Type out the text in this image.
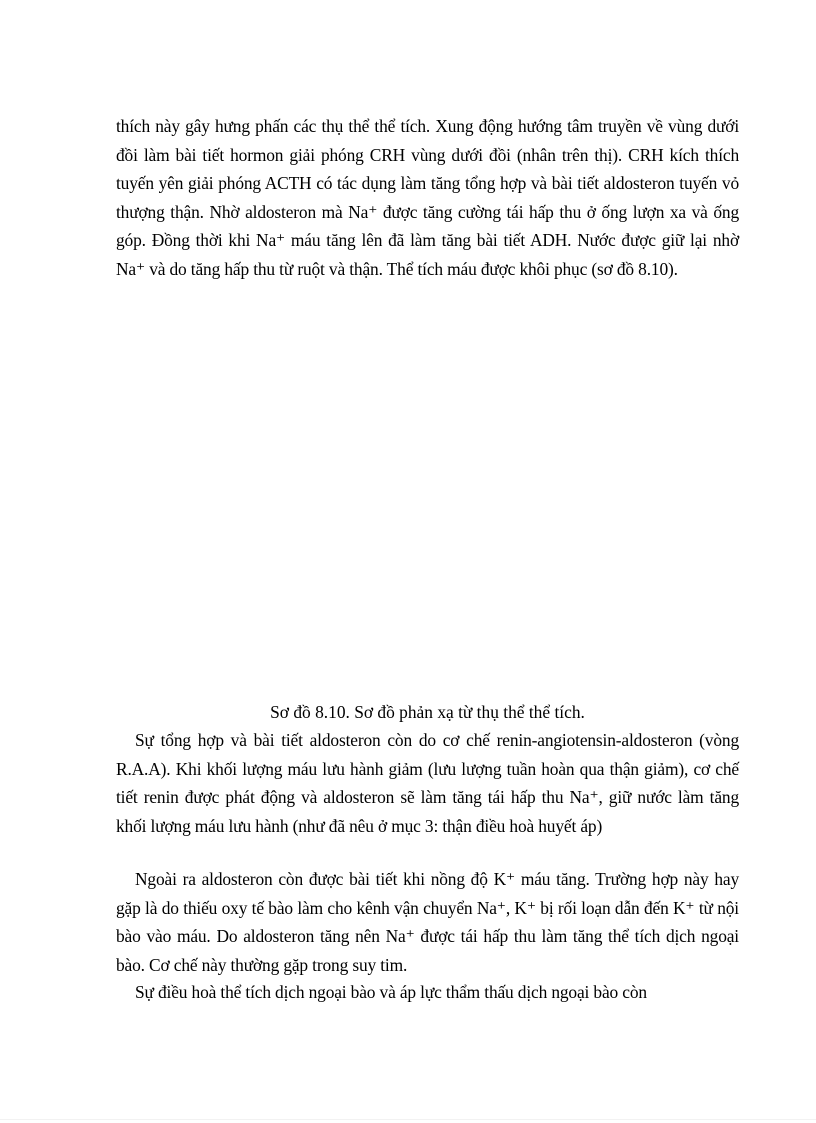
thích này gây hưng phấn các thụ thể thể tích. Xung động hướng tâm truyền về vùng dưới đồi làm bài tiết hormon giải phóng CRH vùng dưới đồi (nhân trên thị). CRH kích thích tuyến yên giải phóng ACTH có tác dụng làm tăng tổng hợp và bài tiết aldosteron tuyến vỏ thượng thận. Nhờ aldosteron mà Na⁺ được tăng cường tái hấp thu ở ống lượn xa và ống góp. Đồng thời khi Na⁺ máu tăng lên đã làm tăng bài tiết ADH. Nước được giữ lại nhờ Na⁺ và do tăng hấp thu từ ruột và thận. Thể tích máu được khôi phục (sơ đồ 8.10).

Sơ đồ 8.10. Sơ đồ phản xạ từ thụ thể thể tích.

Sự tổng hợp và bài tiết aldosteron còn do cơ chế renin-angiotensin-aldosteron (vòng R.A.A). Khi khối lượng máu lưu hành giảm (lưu lượng tuần hoàn qua thận giảm), cơ chế tiết renin được phát động và aldosteron sẽ làm tăng tái hấp thu Na⁺, giữ nước làm tăng khối lượng máu lưu hành (như đã nêu ở mục 3: thận điều hoà huyết áp)

Ngoài ra aldosteron còn được bài tiết khi nồng độ K⁺ máu tăng. Trường hợp này hay gặp là do thiếu oxy tế bào làm cho kênh vận chuyển Na⁺, K⁺ bị rối loạn dẫn đến K⁺ từ nội bào vào máu. Do aldosteron tăng nên Na⁺ được tái hấp thu làm tăng thể tích dịch ngoại bào. Cơ chế này thường gặp trong suy tim.

Sự điều hoà thể tích dịch ngoại bào và áp lực thẩm thấu dịch ngoại bào còn
